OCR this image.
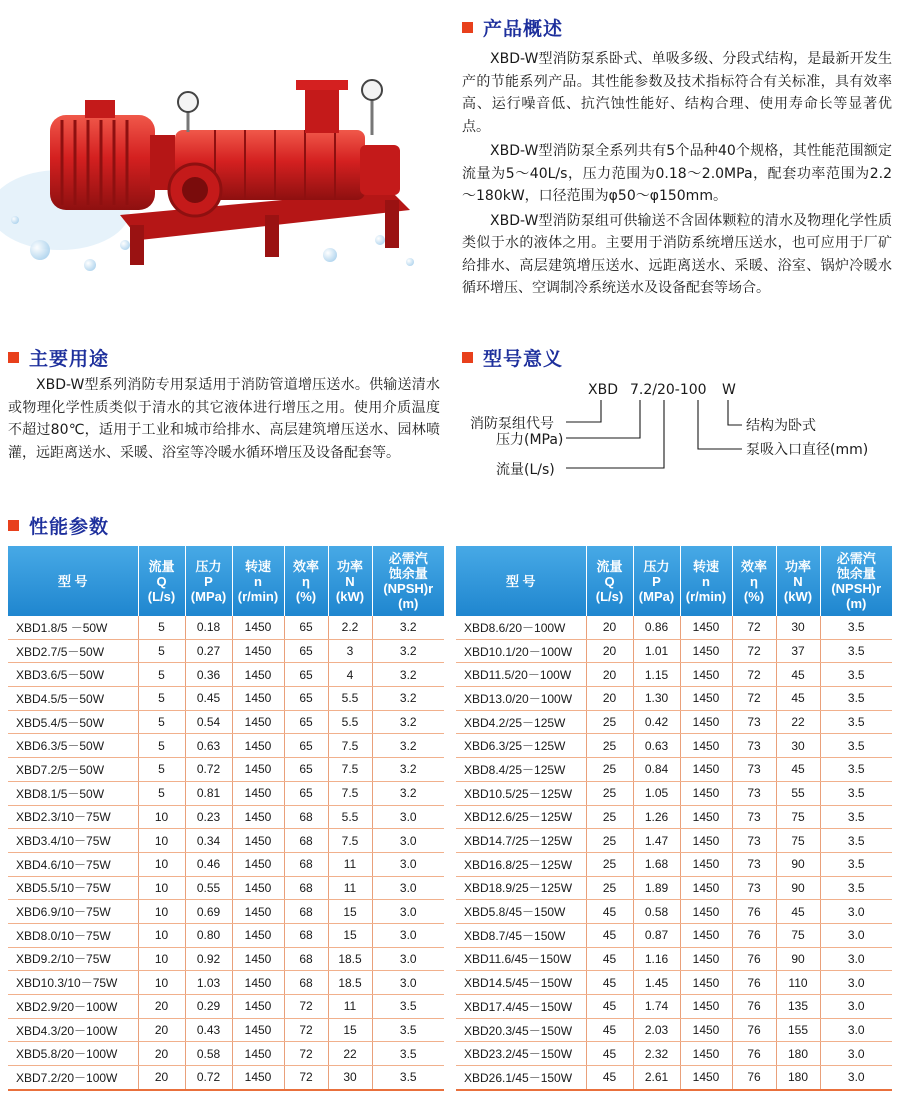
产品概述

XBD-W型消防泵系卧式、单吸多级、分段式结构，是最新开发生产的节能系列产品。其性能参数及技术指标符合有关标准，具有效率高、运行噪音低、抗汽蚀性能好、结构合理、使用寿命长等显著优点。

XBD-W型消防泵全系列共有5个品种40个规格，其性能范围额定流量为5～40L/s，压力范围为0.18～2.0MPa，配套功率范围为2.2～180kW，口径范围为φ50～φ150mm。

XBD-W型消防泵组可供输送不含固体颗粒的清水及物理化学性质类似于水的液体之用。主要用于消防系统增压送水，也可应用于厂矿给排水、高层建筑增压送水、远距离送水、采暖、浴室、锅炉冷暖水循环增压、空调制冷系统送水及设备配套等场合。

主要用途

XBD-W型系列消防专用泵适用于消防管道增压送水。供输送清水或物理化学性质类似于清水的其它液体进行增压之用。使用介质温度不超过80℃，适用于工业和城市给排水、高层建筑增压送水、园林喷灌，远距离送水、采暖、浴室等冷暖水循环增压及设备配套等。

型号意义
XBD 7.2/20-100 W
消防泵组代号
压力(MPa)
流量(L/s)
结构为卧式
泵吸入口直径(mm)
性能参数
型 号	流量
Q
(L/s)	压力
P
(MPa)	转速
n
(r/min)	效率
η
(%)	功率
N
(kW)	必需汽
蚀余量
(NPSH)r
(m)

XBD1.8/5 －50W	5	0.18	1450	65	2.2	3.2
XBD2.7/5－50W	5	0.27	1450	65	3	3.2
XBD3.6/5－50W	5	0.36	1450	65	4	3.2
XBD4.5/5－50W	5	0.45	1450	65	5.5	3.2
XBD5.4/5－50W	5	0.54	1450	65	5.5	3.2
XBD6.3/5－50W	5	0.63	1450	65	7.5	3.2
XBD7.2/5－50W	5	0.72	1450	65	7.5	3.2
XBD8.1/5－50W	5	0.81	1450	65	7.5	3.2
XBD2.3/10－75W	10	0.23	1450	68	5.5	3.0
XBD3.4/10－75W	10	0.34	1450	68	7.5	3.0
XBD4.6/10－75W	10	0.46	1450	68	11	3.0
XBD5.5/10－75W	10	0.55	1450	68	11	3.0
XBD6.9/10－75W	10	0.69	1450	68	15	3.0
XBD8.0/10－75W	10	0.80	1450	68	15	3.0
XBD9.2/10－75W	10	0.92	1450	68	18.5	3.0
XBD10.3/10－75W	10	1.03	1450	68	18.5	3.0
XBD2.9/20－100W	20	0.29	1450	72	11	3.5
XBD4.3/20－100W	20	0.43	1450	72	15	3.5
XBD5.8/20－100W	20	0.58	1450	72	22	3.5
XBD7.2/20－100W	20	0.72	1450	72	30	3.5
型 号	流量
Q
(L/s)	压力
P
(MPa)	转速
n
(r/min)	效率
η
(%)	功率
N
(kW)	必需汽
蚀余量
(NPSH)r
(m)

XBD8.6/20－100W	20	0.86	1450	72	30	3.5
XBD10.1/20－100W	20	1.01	1450	72	37	3.5
XBD11.5/20－100W	20	1.15	1450	72	45	3.5
XBD13.0/20－100W	20	1.30	1450	72	45	3.5
XBD4.2/25－125W	25	0.42	1450	73	22	3.5
XBD6.3/25－125W	25	0.63	1450	73	30	3.5
XBD8.4/25－125W	25	0.84	1450	73	45	3.5
XBD10.5/25－125W	25	1.05	1450	73	55	3.5
XBD12.6/25－125W	25	1.26	1450	73	75	3.5
XBD14.7/25－125W	25	1.47	1450	73	75	3.5
XBD16.8/25－125W	25	1.68	1450	73	90	3.5
XBD18.9/25－125W	25	1.89	1450	73	90	3.5
XBD5.8/45－150W	45	0.58	1450	76	45	3.0
XBD8.7/45－150W	45	0.87	1450	76	75	3.0
XBD11.6/45－150W	45	1.16	1450	76	90	3.0
XBD14.5/45－150W	45	1.45	1450	76	110	3.0
XBD17.4/45－150W	45	1.74	1450	76	135	3.0
XBD20.3/45－150W	45	2.03	1450	76	155	3.0
XBD23.2/45－150W	45	2.32	1450	76	180	3.0
XBD26.1/45－150W	45	2.61	1450	76	180	3.0
